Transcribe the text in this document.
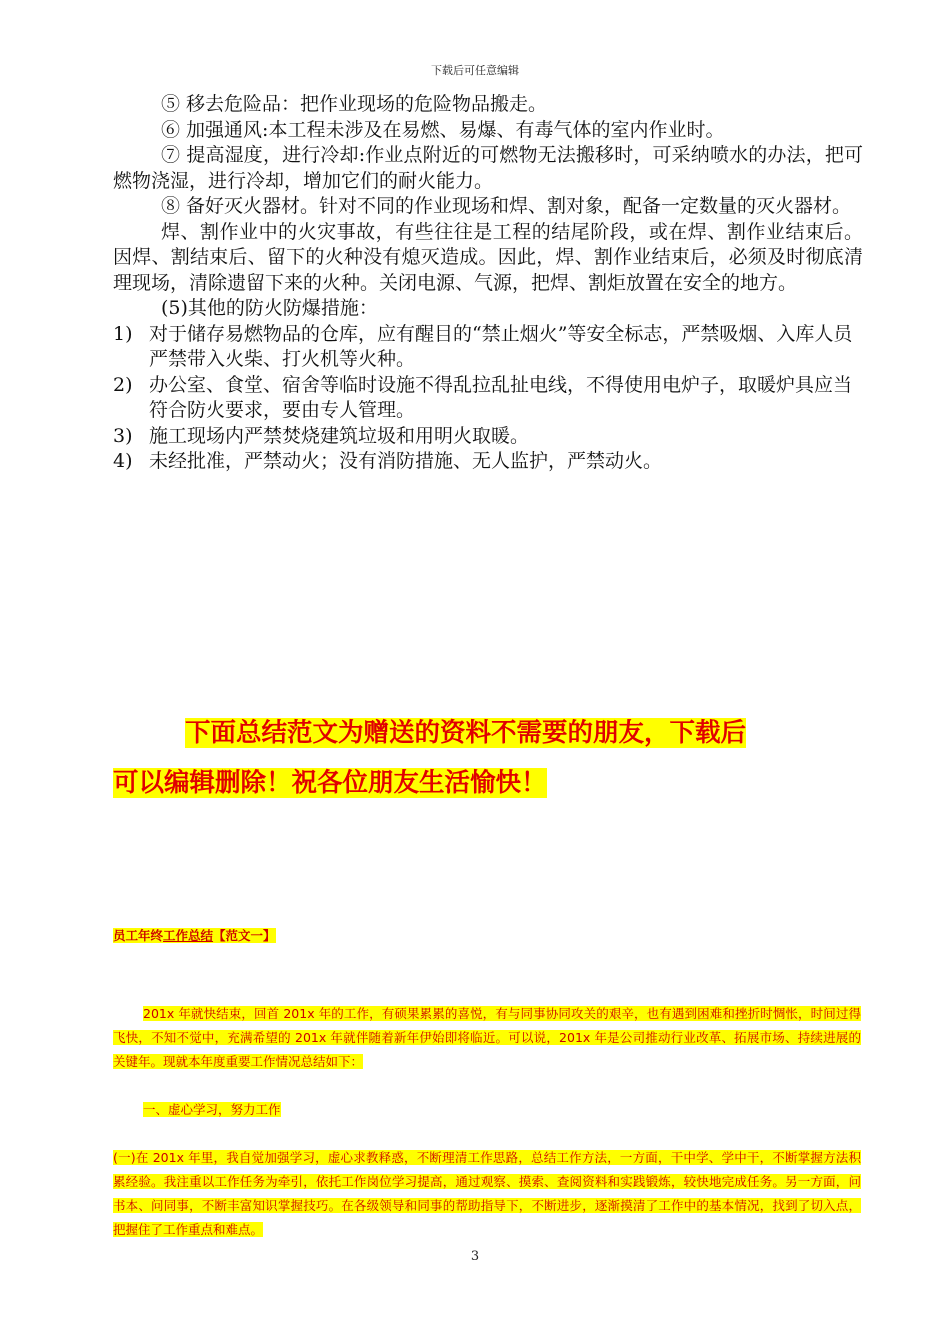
下载后可任意编辑

⑤ 移去危险品：把作业现场的危险物品搬走。

⑥ 加强通风:本工程未涉及在易燃、易爆、有毒气体的室内作业时。

⑦ 提高湿度，进行冷却:作业点附近的可燃物无法搬移时，可采纳喷水的办法，把可燃物浇湿，进行冷却，增加它们的耐火能力。

⑧ 备好灭火器材。针对不同的作业现场和焊、割对象，配备一定数量的灭火器材。

焊、割作业中的火灾事故，有些往往是工程的结尾阶段，或在焊、割作业结束后。因焊、割结束后、留下的火种没有熄灭造成。因此，焊、割作业结束后，必须及时彻底清理现场，清除遗留下来的火种。关闭电源、气源，把焊、割炬放置在安全的地方。

(5)其他的防火防爆措施：

1) 对于储存易燃物品的仓库，应有醒目的“禁止烟火”等安全标志，严禁吸烟、入库人员严禁带入火柴、打火机等火种。
2) 办公室、食堂、宿舍等临时设施不得乱拉乱扯电线，不得使用电炉子，取暖炉具应当符合防火要求，要由专人管理。
3) 施工现场内严禁焚烧建筑垃圾和用明火取暖。
4) 未经批准，严禁动火；没有消防措施、无人监护，严禁动火。
下面总结范文为赠送的资料不需要的朋友，下载后
可以编辑删除！祝各位朋友生活愉快！

员工年终工作总结【范文一】

201x 年就快结束，回首 201x 年的工作，有硕果累累的喜悦，有与同事协同攻关的艰辛，也有遇到困难和挫折时惆怅，时间过得飞快，不知不觉中，充满希望的 201x 年就伴随着新年伊始即将临近。可以说，201x 年是公司推动行业改革、拓展市场、持续进展的关键年。现就本年度重要工作情况总结如下：

一、虚心学习，努力工作

(一)在 201x 年里，我自觉加强学习，虚心求教释惑，不断理清工作思路，总结工作方法，一方面，干中学、学中干，不断掌握方法积累经验。我注重以工作任务为牵引，依托工作岗位学习提高，通过观察、摸索、查阅资料和实践锻炼，较快地完成任务。另一方面，问书本、问同事，不断丰富知识掌握技巧。在各级领导和同事的帮助指导下，不断进步，逐渐摸清了工作中的基本情况，找到了切入点，把握住了工作重点和难点。

3
